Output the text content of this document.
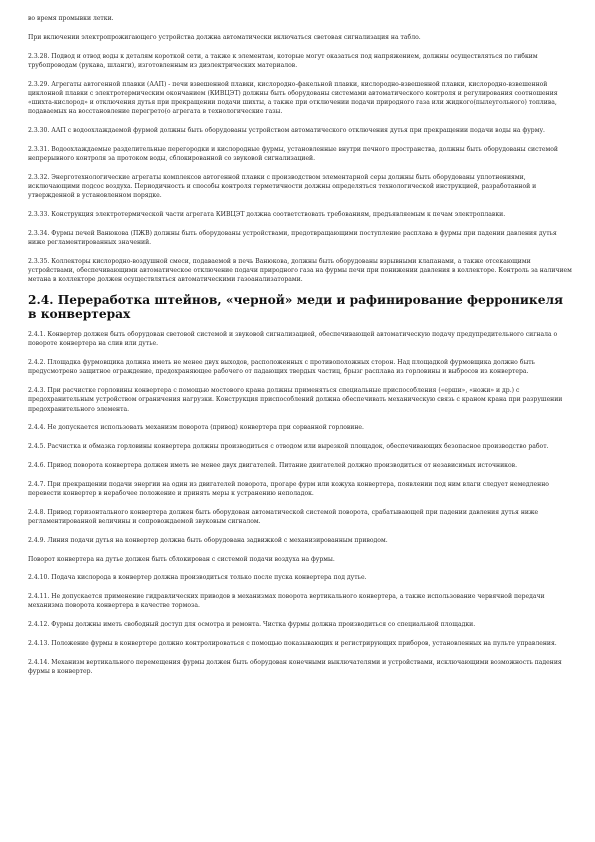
во время промывки летки.

При включении электропрожигающего устройства должна автоматически включаться световая сигнализация на табло.

2.3.28. Подвод и отвод воды к деталям короткой сети, а также к элементам, которые могут оказаться под напряжением, должны осуществляться по гибким трубопроводам (рукава, шланги), изготовленным из диэлектрических материалов.

2.3.29. Агрегаты автогенной плавки (ААП) - печи взвешенной плавки, кислородно-факельной плавки, кислородно-взвешенной плавки, кислородно-взвешенной циклонной плавки с электротермическим окончанием (КИВЦЭТ) должны быть оборудованы системами автоматического контроля и регулирования соотношения «шихта-кислород» и отключения дутья при прекращении подачи шихты, а также при отключении подачи природного газа или жидкого(пылеугольного) топлива, подаваемых на восстановление перегрето(о агрегата в технологические газы.

2.3.30. ААП с водоохлаждаемой фурмой должны быть оборудованы устройством автоматического отключения дутья при прекращении подачи воды на фурму.

2.3.31. Водоохлаждаемые разделительные перегородки и кислородные фурмы, установленные внутри печного пространства, должны быть оборудованы системой непрерывного контроля за протоком воды, сблокированной со звуковой сигнализацией.

2.3.32. Энерготехнологические агрегаты комплексов автогенной плавки с производством элементарной серы должны быть оборудованы уплотнениями, исключающими подсос воздуха. Периодичность и способы контроля герметичности должны определяться технологической инструкцией, разработанной и утвержденной в установленном порядке.

2.3.33. Конструкция электротермической части агрегата КИВЦЭТ должна соответствовать требованиям, предъявляемым к печам электроплавки.

2.3.34. Фурмы печей Ванюкова (ПЖВ) должны быть оборудованы устройствами, предотвращающими поступление расплава в фурмы при падении давления дутья ниже регламентированных значений.

2.3.35. Коллекторы кислородно-воздушной смеси, подаваемой в печь Ванюкова, должны быть оборудованы взрывными клапанами, а также отсекающими устройствами, обеспечивающими автоматическое отключение подачи природного газа на фурмы печи при понижении давления в коллекторе. Контроль за наличием метана в коллекторе должен осуществляться автоматическими газоанализаторами.

2.4. Переработка штейнов, «черной» меди и рафинирование ферроникеля в конвертерах

2.4.1. Конвертер должен быть оборудован световой системой и звуковой сигнализацией, обеспечивающей автоматическую подачу предупредительного сигнала о повороте конвертера на слив или дутье.

2.4.2. Площадка фурмовщика должна иметь не менее двух выходов, расположенных с противоположных сторон. Над площадкой фурмовщика должно быть предусмотрено защитное ограждение, предохраняющее рабочего от падающих твердых частиц, брызг расплава из горловины и выбросов из конвертера.

2.4.3. При расчистке горловины конвертера с помощью мостового крана должны применяться специальные приспособления («ерши», «ножи» и др.) с предохранительным устройством ограничения нагрузки. Конструкция приспособлений должна обеспечивать механическую связь с краном крана при разрушении предохранительного элемента.

2.4.4. Не допускается использовать механизм поворота (привод) конвертера при сорванной горловине.

2.4.5. Расчистка и обмазка горловины конвертера должны производиться с отводом или вырезкой площадок, обеспечивающих безопасное производство работ.

2.4.6. Привод поворота конвертера должен иметь не менее двух двигателей. Питание двигателей должно производиться от независимых источников.

2.4.7. При прекращении подачи энергии на один из двигателей поворота, прогаре фурм или кожуха конвертера, появлении под ним влаги следует немедленно перевести конвертер в нерабочее положение и принять меры к устранению неполадок.

2.4.8. Привод горизонтального конвертера должен быть оборудован автоматической системой поворота, срабатывающей при падении давления дутья ниже регламентированной величины и сопровождаемой звуковым сигналом.

2.4.9. Линия подачи дутья на конвертер должна быть оборудована задвижкой с механизированным приводом.

Поворот конвертера на дутье должен быть сблокирован с системой подачи воздуха на фурмы.

2.4.10. Подача кислорода в конвертер должна производиться только после пуска конвертера под дутье.

2.4.11. Не допускается применение гидравлических приводов в механизмах поворота вертикального конвертера, а также использование червячной передачи механизма поворота конвертера в качестве тормоза.

2.4.12. Фурмы должны иметь свободный доступ для осмотра и ремонта. Чистка фурмы должна производиться со специальной площадки.

2.4.13. Положение фурмы в конвертере должно контролироваться с помощью показывающих и регистрирующих приборов, установленных на пульте управления.

2.4.14. Механизм вертикального перемещения фурмы должен быть оборудован конечными выключателями и устройствами, исключающими возможность падения фурмы в конвертер.
